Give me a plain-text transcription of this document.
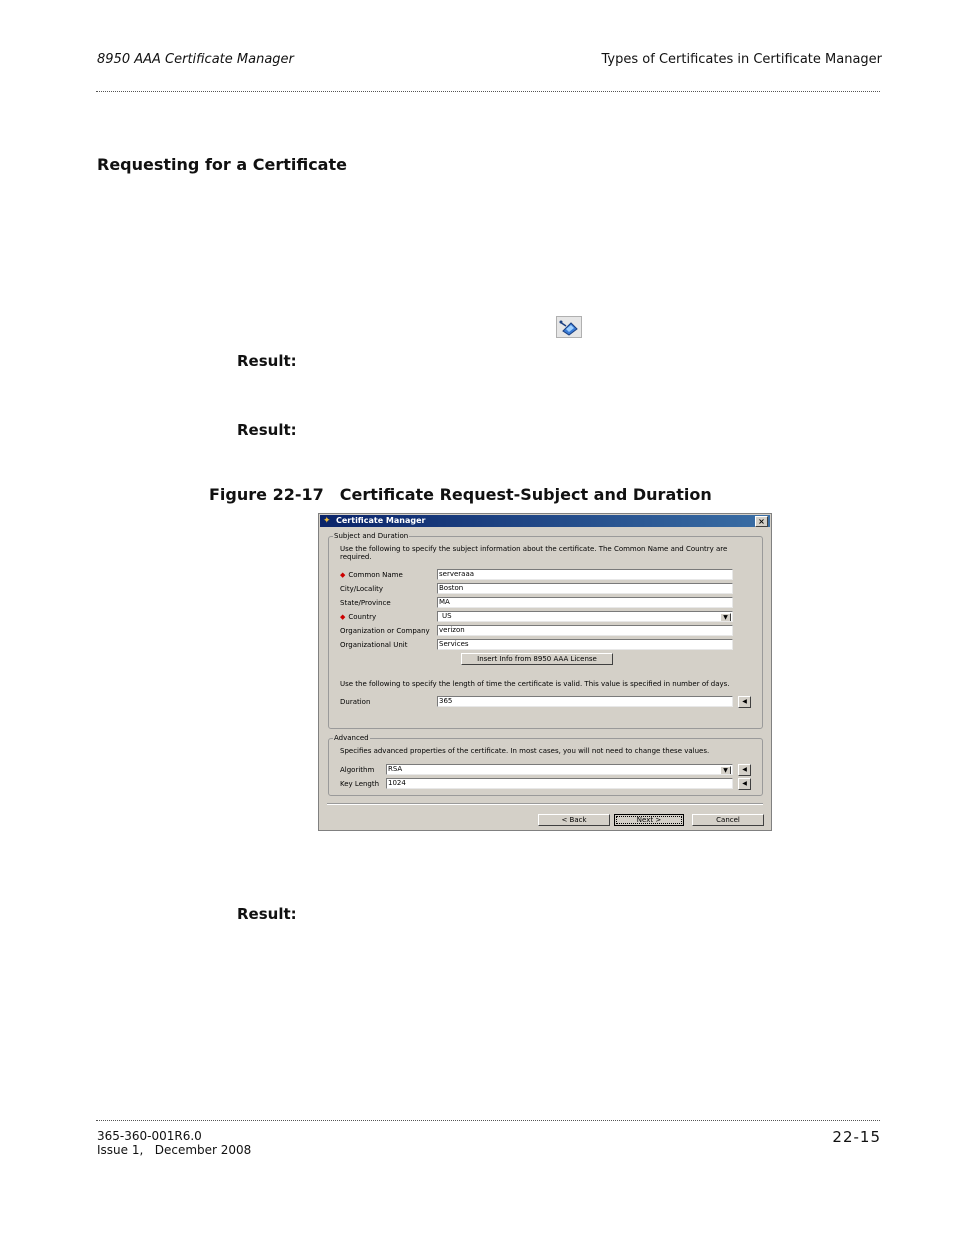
8950 AAA Certificate Manager	Types of Certificates in Certificate Manager
Requesting for a Certificate
Result:
Result:
Figure 22-17 Certificate Request-Subject and Duration
✦ Certificate Manager	×
Subject and Duration
Use the following to specify the subject information about the certificate. The Common Name and Country are required.
◆ Common Name	serveraaa
City/Locality	Boston
State/Province	MA
◆ Country	US	▼
Organization or Company verizon
Organizational Unit	Services
Insert Info from 8950 AAA License
Use the following to specify the length of time the certificate is valid. This value is specified in number of days.
Duration	365	◀
Advanced
Specifies advanced properties of the certificate. In most cases, you will not need to change these values.
Algorithm RSA	▼	◀
Key Length 1024	◀
< Back	Next >	Cancel
Result:
365-360-001R6.0
Issue 1,   December 2008
22-15
